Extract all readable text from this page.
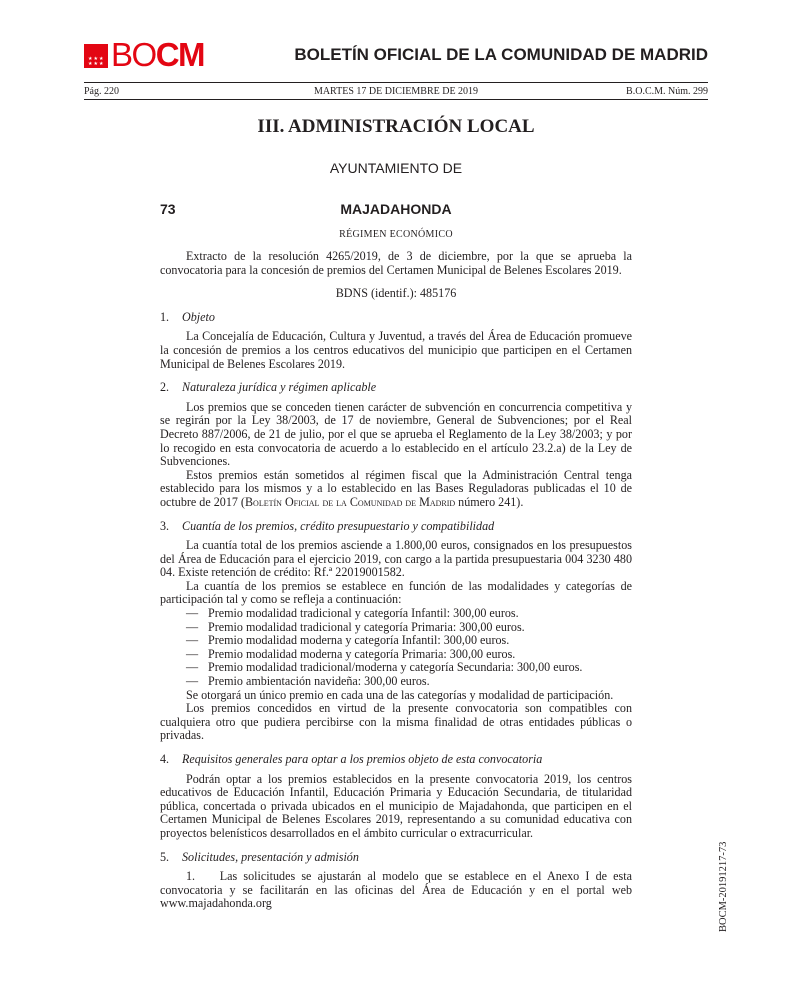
★ ★ ★
★ ★ ★ BOCM	BOLETÍN OFICIAL DE LA COMUNIDAD DE MADRID
Pág. 220	MARTES 17 DE DICIEMBRE DE 2019	B.O.C.M. Núm. 299
III. ADMINISTRACIÓN LOCAL
AYUNTAMIENTO DE
73	MAJADAHONDA
RÉGIMEN ECONÓMICO

Extracto de la resolución 4265/2019, de 3 de diciembre, por la que se aprueba la convocatoria para la concesión de premios del Certamen Municipal de Belenes Escolares 2019.

BDNS (identif.): 485176

1. Objeto

La Concejalía de Educación, Cultura y Juventud, a través del Área de Educación promueve la concesión de premios a los centros educativos del municipio que participen en el Certamen Municipal de Belenes Escolares 2019.

2. Naturaleza jurídica y régimen aplicable

Los premios que se conceden tienen carácter de subvención en concurrencia competitiva y se regirán por la Ley 38/2003, de 17 de noviembre, General de Subvenciones; por el Real Decreto 887/2006, de 21 de julio, por el que se aprueba el Reglamento de la Ley 38/2003; y por lo recogido en esta convocatoria de acuerdo a lo establecido en el artículo 23.2.a) de la Ley de Subvenciones.

Estos premios están sometidos al régimen fiscal que la Administración Central tenga establecido para los mismos y a lo establecido en las Bases Reguladoras publicadas el 10 de octubre de 2017 (Boletín Oficial de la Comunidad de Madrid número 241).

3. Cuantía de los premios, crédito presupuestario y compatibilidad

La cuantía total de los premios asciende a 1.800,00 euros, consignados en los presupuestos del Área de Educación para el ejercicio 2019, con cargo a la partida presupuestaria 004 3230 480 04. Existe retención de crédito: Rf.ª 22019001582.

La cuantía de los premios se establece en función de las modalidades y categorías de participación tal y como se refleja a continuación:

— Premio modalidad tradicional y categoría Infantil: 300,00 euros.

— Premio modalidad tradicional y categoría Primaria: 300,00 euros.

— Premio modalidad moderna y categoría Infantil: 300,00 euros.

— Premio modalidad moderna y categoría Primaria: 300,00 euros.

— Premio modalidad tradicional/moderna y categoría Secundaria: 300,00 euros.

— Premio ambientación navideña: 300,00 euros.

Se otorgará un único premio en cada una de las categorías y modalidad de participación.

Los premios concedidos en virtud de la presente convocatoria son compatibles con cualquiera otro que pudiera percibirse con la misma finalidad de otras entidades públicas o privadas.

4. Requisitos generales para optar a los premios objeto de esta convocatoria

Podrán optar a los premios establecidos en la presente convocatoria 2019, los centros educativos de Educación Infantil, Educación Primaria y Educación Secundaria, de titularidad pública, concertada o privada ubicados en el municipio de Majadahonda, que participen en el Certamen Municipal de Belenes Escolares 2019, representando a su comunidad educativa con proyectos belenísticos desarrollados en el ámbito curricular o extracurricular.

5. Solicitudes, presentación y admisión

1.    Las solicitudes se ajustarán al modelo que se establece en el Anexo I de esta convocatoria y se facilitarán en las oficinas del Área de Educación y en el portal web www.majadahonda.org	BOCM-20191217-73
